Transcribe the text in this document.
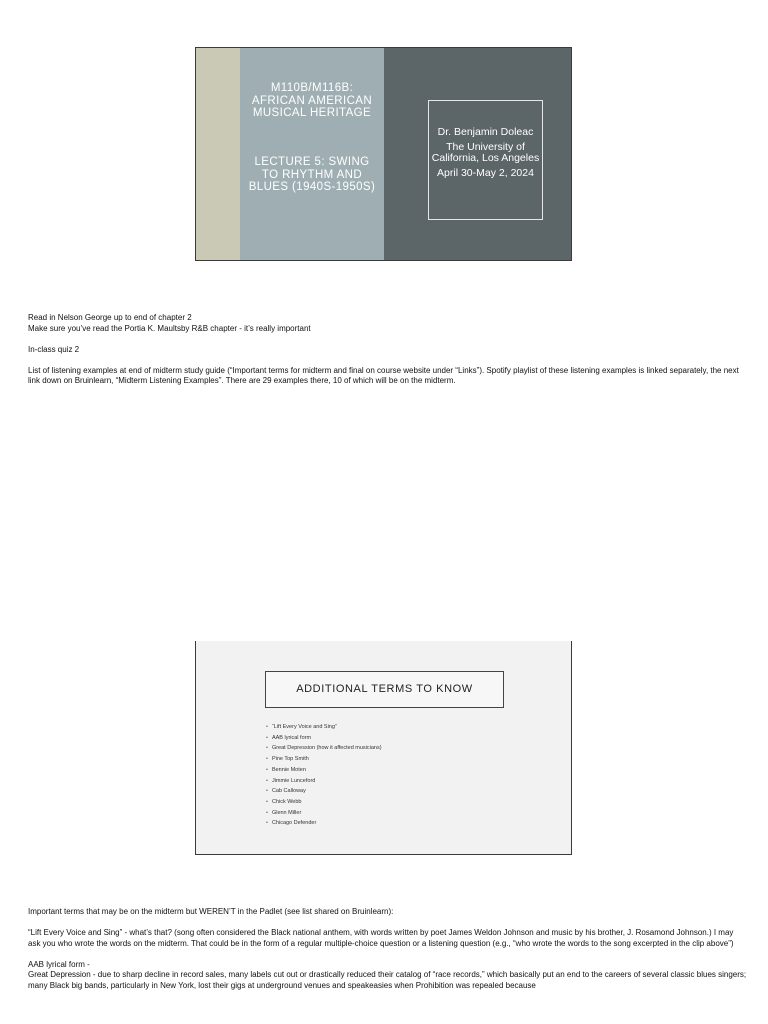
M110B/M116B: AFRICAN AMERICAN MUSICAL HERITAGE
LECTURE 5: SWING TO RHYTHM AND BLUES (1940S-1950S)
Dr. Benjamin Doleac
The University of California, Los Angeles
April 30-May 2, 2024

Read in Nelson George up to end of chapter 2

Make sure you’ve read the Portia K. Maultsby R&B chapter - it’s really important

In-class quiz 2

List of listening examples at end of midterm study guide (“Important terms for midterm and final on course website under “Links”). Spotify playlist of these listening examples is linked separately, the next link down on Bruinlearn, “Midterm Listening Examples”. There are 29 examples there, 10 of which will be on the midterm.

ADDITIONAL TERMS TO KNOW
• “Lift Every Voice and Sing”
• AAB lyrical form
• Great Depression (how it affected musicians)
• Pine Top Smith
• Bennie Moten
• Jimmie Lunceford
• Cab Calloway
• Chick Webb
• Glenn Miller
• Chicago Defender

Important terms that may be on the midterm but WEREN’T in the Padlet (see list shared on Bruinlearn):

“Lift Every Voice and Sing” - what’s that? (song often considered the Black national anthem, with words written by poet James Weldon Johnson and music by his brother, J. Rosamond Johnson.) I may ask you who wrote the words on the midterm. That could be in the form of a regular multiple-choice question or a listening question (e.g., “who wrote the words to the song excerpted in the clip above”)

AAB lyrical form -

Great Depression - due to sharp decline in record sales, many labels cut out or drastically reduced their catalog of “race records,” which basically put an end to the careers of several classic blues singers; many Black big bands, particularly in New York, lost their gigs at underground venues and speakeasies when Prohibition was repealed because
